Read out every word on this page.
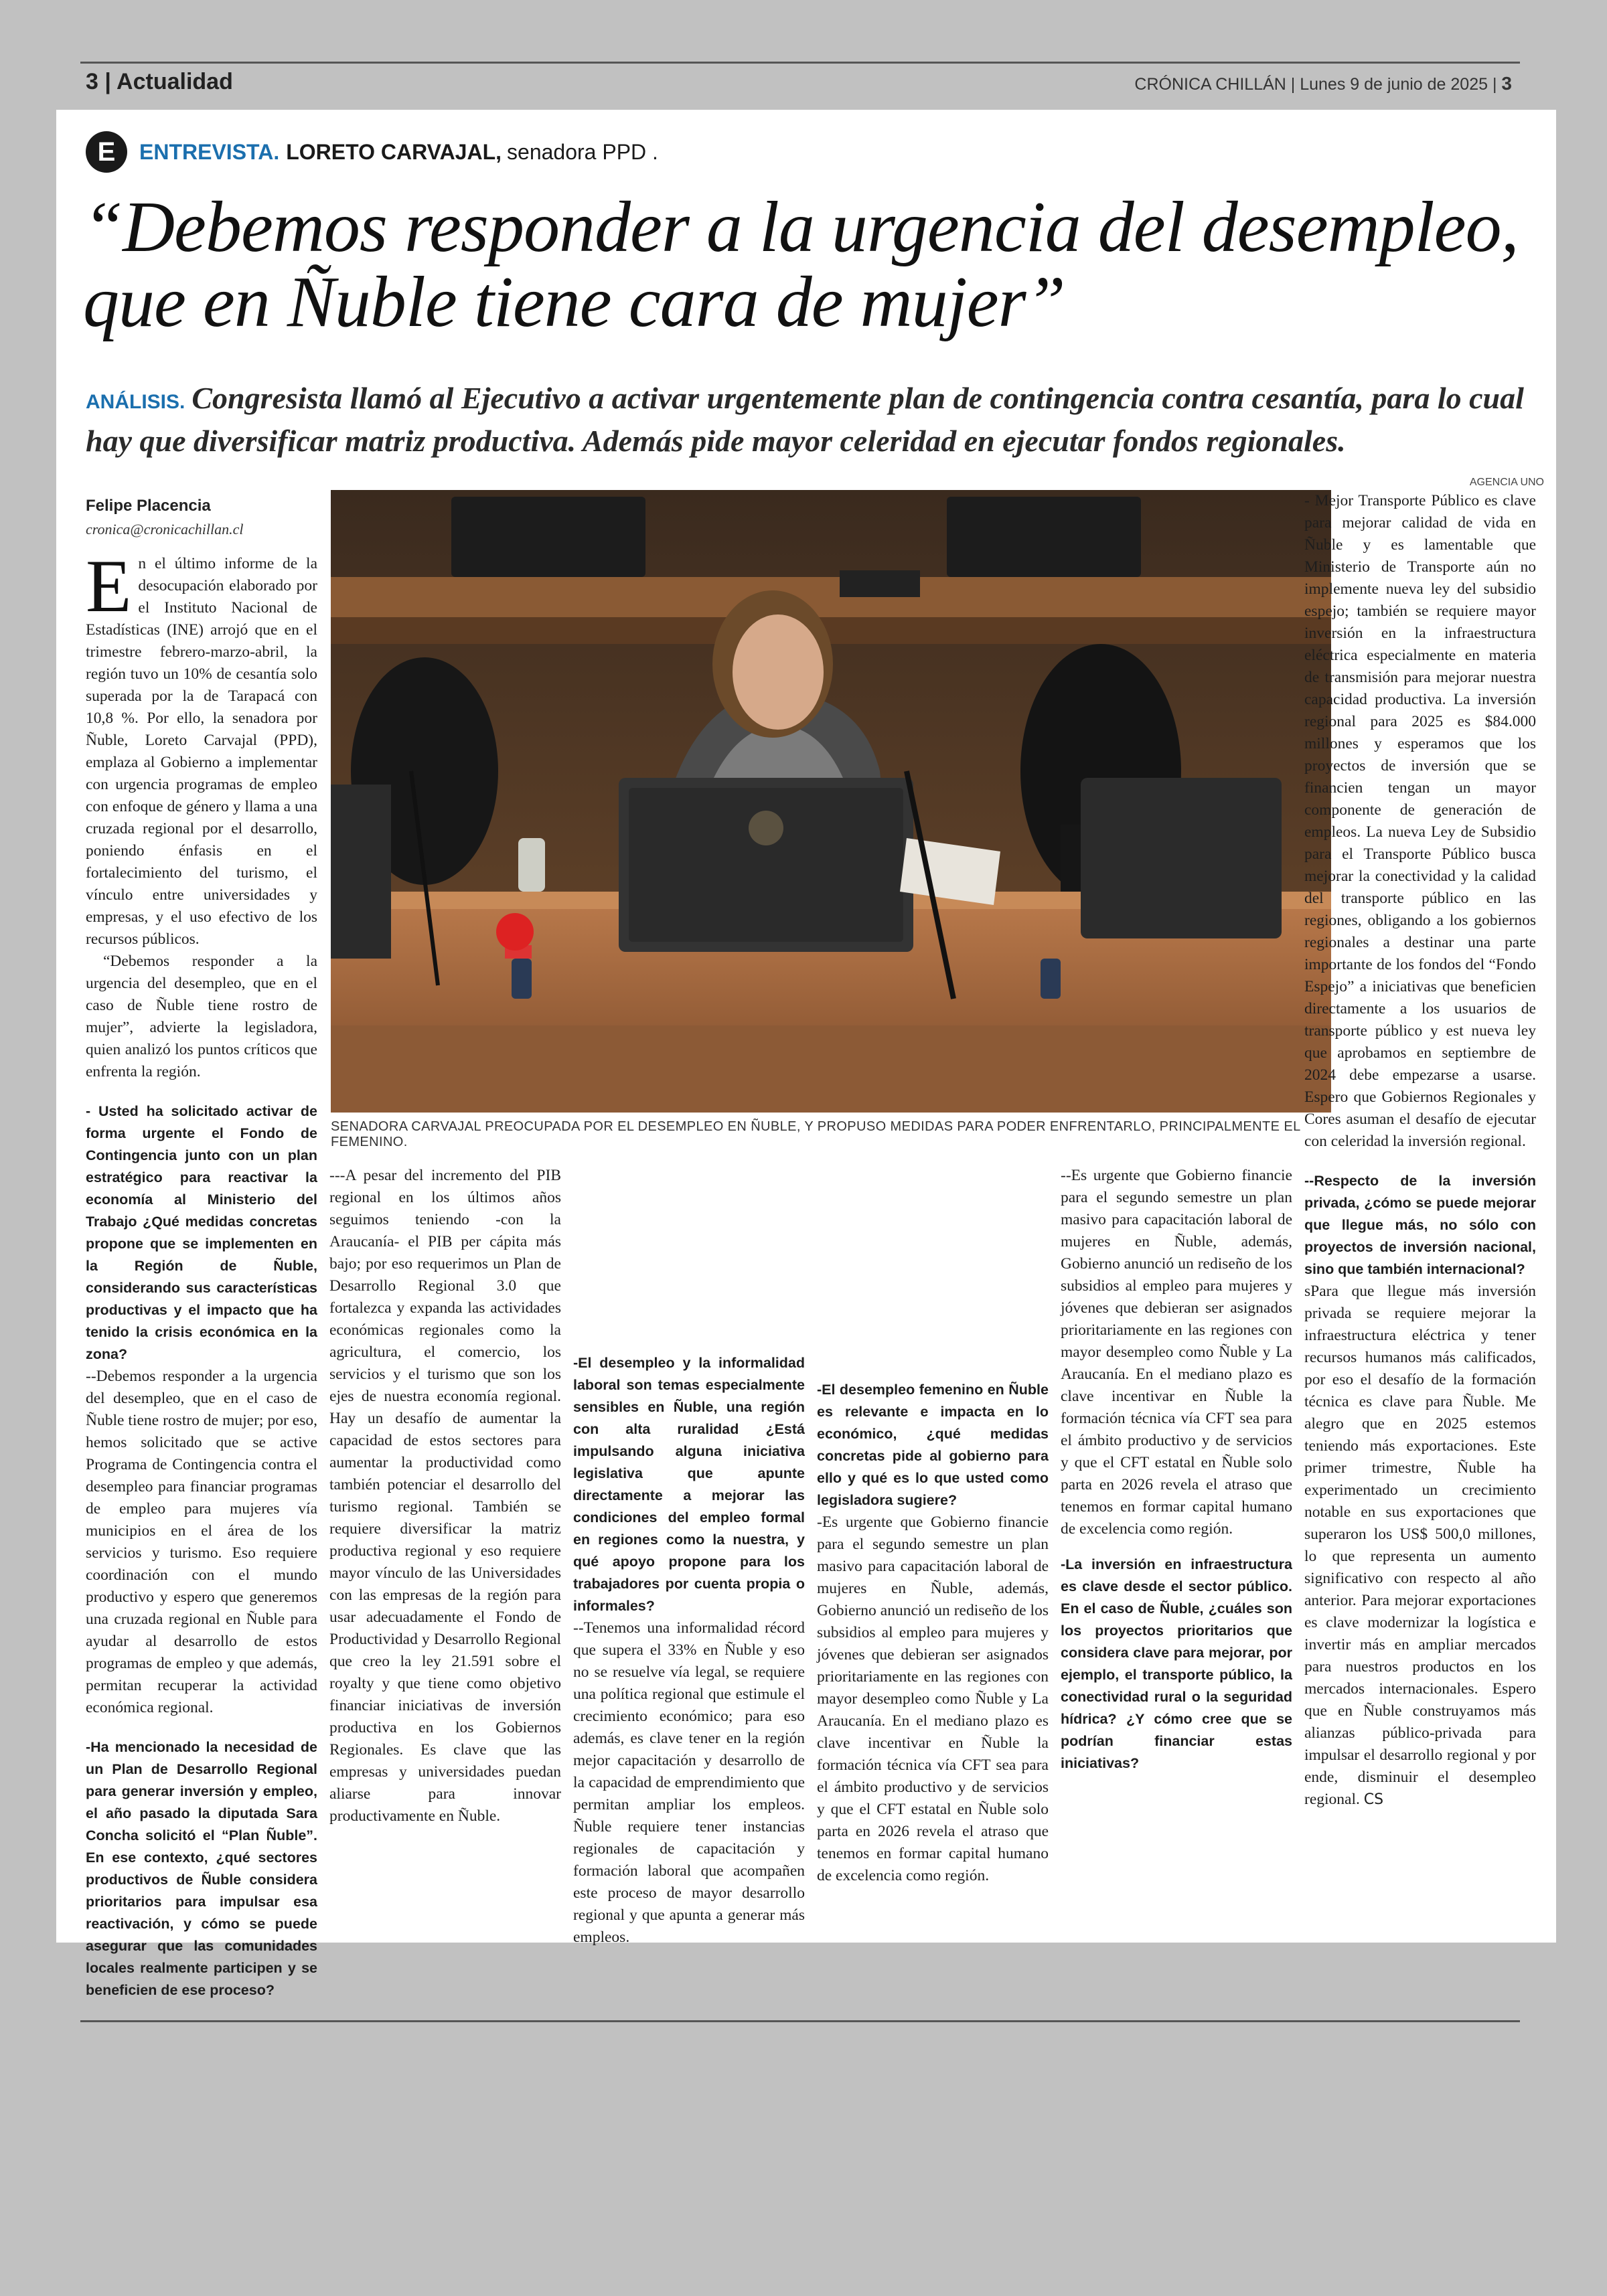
3 | Actualidad	CRÓNICA CHILLÁN | Lunes 9 de junio de 2025 | 3
E	ENTREVISTA. LORETO CARVAJAL, senadora PPD .
“Debemos responder a la urgencia del desempleo, que en Ñuble tiene cara de mujer”

ANÁLISIS. Congresista llamó al Ejecutivo a activar urgentemente plan de contingencia contra cesantía, para lo cual hay que diversificar matriz productiva. Además pide mayor celeridad en ejecutar fondos regionales.

Felipe Placencia
cronica@cronicachillan.cl
AGENCIA UNO
SENADORA CARVAJAL PREOCUPADA POR EL DESEMPLEO EN ÑUBLE, Y PROPUSO MEDIDAS PARA PODER ENFRENTARLO, PRINCIPALMENTE EL FEMENINO.

En el último informe de la desocupación elaborado por el Instituto Nacional de Estadísticas (INE) arrojó que en el trimestre febrero-marzo-abril, la región tuvo un 10% de cesantía solo superada por la de Tarapacá con 10,8 %. Por ello, la senadora por Ñuble, Loreto Carvajal (PPD), emplaza al Gobierno a implementar con urgencia programas de empleo con enfoque de género y llama a una cruzada regional por el desarrollo, poniendo énfasis en el fortalecimiento del turismo, el vínculo entre universidades y empresas, y el uso efectivo de los recursos públicos.

“Debemos responder a la urgencia del desempleo, que en el caso de Ñuble tiene rostro de mujer”, advierte la legisladora, quien analizó los puntos críticos que enfrenta la región.

- Usted ha solicitado activar de forma urgente el Fondo de Contingencia junto con un plan estratégico para reactivar la economía al Ministerio del Trabajo ¿Qué medidas concretas propone que se implementen en la Región de Ñuble, considerando sus características productivas y el impacto que ha tenido la crisis económica en la zona?

--Debemos responder a la urgencia del desempleo, que en el caso de Ñuble tiene rostro de mujer; por eso, hemos solicitado que se active Programa de Contingencia contra el desempleo para financiar programas de empleo para mujeres vía municipios en el área de los servicios y turismo. Eso requiere coordinación con el mundo productivo y espero que generemos una cruzada regional en Ñuble para ayudar al desarrollo de estos programas de empleo y que además, permitan recuperar la actividad económica regional.

-Ha mencionado la necesidad de un Plan de Desarrollo Regional para generar inversión y empleo, el año pasado la diputada Sara Concha solicitó el “Plan Ñuble”. En ese contexto, ¿qué sectores productivos de Ñuble considera prioritarios para impulsar esa reactivación, y cómo se puede asegurar que las comunidades locales realmente participen y se beneficien de ese proceso?

---A pesar del incremento del PIB regional en los últimos años seguimos teniendo -con la Araucanía- el PIB per cápita más bajo; por eso requerimos un Plan de Desarrollo Regional 3.0 que fortalezca y expanda las actividades económicas regionales como la agricultura, el comercio, los servicios y el turismo que son los ejes de nuestra economía regional. Hay un desafío de aumentar la capacidad de estos sectores para aumentar la productividad como también potenciar el desarrollo del turismo regional. También se requiere diversificar la matriz productiva regional y eso requiere mayor vínculo de las Universidades con las empresas de la región para usar adecuadamente el Fondo de Productividad y Desarrollo Regional que creo la ley 21.591 sobre el royalty y que tiene como objetivo financiar iniciativas de inversión productiva en los Gobiernos Regionales. Es clave que las empresas y universidades puedan aliarse para innovar productivamente en Ñuble.

-El desempleo y la informalidad laboral son temas especialmente sensibles en Ñuble, una región con alta ruralidad ¿Está impulsando alguna iniciativa legislativa que apunte directamente a mejorar las condiciones del empleo formal en regiones como la nuestra, y qué apoyo propone para los trabajadores por cuenta propia o informales?

--Tenemos una informalidad récord que supera el 33% en Ñuble y eso no se resuelve vía legal, se requiere una política regional que estimule el crecimiento económico; para eso además, es clave tener en la región mejor capacitación y desarrollo de la capacidad de emprendimiento que permitan ampliar los empleos. Ñuble requiere tener instancias regionales de capacitación y formación laboral que acompañen este proceso de mayor desarrollo regional y que apunta a generar más empleos.

-El desempleo femenino en Ñuble es relevante e impacta en lo económico, ¿qué medidas concretas pide al gobierno para ello y qué es lo que usted como legisladora sugiere?

-Es urgente que Gobierno financie para el segundo semestre un plan masivo para capacitación laboral de mujeres en Ñuble, además, Gobierno anunció un rediseño de los subsidios al empleo para mujeres y jóvenes que debieran ser asignados prioritariamente en las regiones con mayor desempleo como Ñuble y La Araucanía. En el mediano plazo es clave incentivar en Ñuble la formación técnica vía CFT sea para el ámbito productivo y de servicios y que el CFT estatal en Ñuble solo parta en 2026 revela el atraso que tenemos en formar capital humano de excelencia como región.

--Es urgente que Gobierno financie para el segundo semestre un plan masivo para capacitación laboral de mujeres en Ñuble, además, Gobierno anunció un rediseño de los subsidios al empleo para mujeres y jóvenes que debieran ser asignados prioritariamente en las regiones con mayor desempleo como Ñuble y La Araucanía. En el mediano plazo es clave incentivar en Ñuble la formación técnica vía CFT sea para el ámbito productivo y de servicios y que el CFT estatal en Ñuble solo parta en 2026 revela el atraso que tenemos en formar capital humano de excelencia como región.

-La inversión en infraestructura es clave desde el sector público. En el caso de Ñuble, ¿cuáles son los proyectos prioritarios que considera clave para mejorar, por ejemplo, el transporte público, la conectividad rural o la seguridad hídrica? ¿Y cómo cree que se podrían financiar estas iniciativas?

- Mejor Transporte Público es clave para mejorar calidad de vida en Ñuble y es lamentable que Ministerio de Transporte aún no implemente nueva ley del subsidio espejo; también se requiere mayor inversión en la infraestructura eléctrica especialmente en materia de transmisión para mejorar nuestra capacidad productiva. La inversión regional para 2025 es $84.000 millones y esperamos que los proyectos de inversión que se financien tengan un mayor componente de generación de empleos. La nueva Ley de Subsidio para el Transporte Público busca mejorar la conectividad y la calidad del transporte público en las regiones, obligando a los gobiernos regionales a destinar una parte importante de los fondos del “Fondo Espejo” a iniciativas que beneficien directamente a los usuarios de transporte público y est nueva ley que aprobamos en septiembre de 2024 debe empezarse a usarse. Espero que Gobiernos Regionales y Cores asuman el desafío de ejecutar con celeridad la inversión regional.

--Respecto de la inversión privada, ¿cómo se puede mejorar que llegue más, no sólo con proyectos de inversión nacional, sino que también internacional?

sPara que llegue más inversión privada se requiere mejorar la infraestructura eléctrica y tener recursos humanos más calificados, por eso el desafío de la formación técnica es clave para Ñuble. Me alegro que en 2025 estemos teniendo más exportaciones. Este primer trimestre, Ñuble ha experimentado un crecimiento notable en sus exportaciones que superaron los US$ 500,0 millones, lo que representa un aumento significativo con respecto al año anterior. Para mejorar exportaciones es clave modernizar la logística e invertir más en ampliar mercados para nuestros productos en los mercados internacionales. Espero que en Ñuble construyamos más alianzas público-privada para impulsar el desarrollo regional y por ende, disminuir el desempleo regional. CS
